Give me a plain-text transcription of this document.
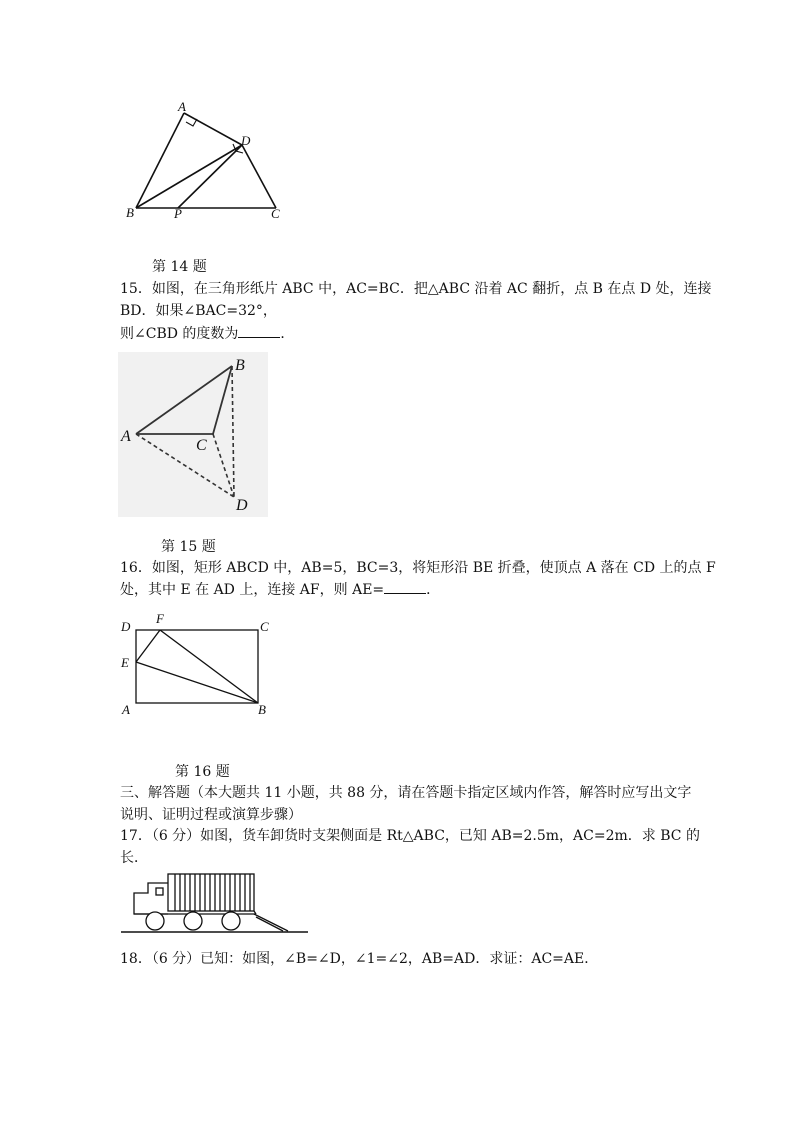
A
D
B	P	C
第 14 题
15．如图，在三角形纸片 ABC 中，AC=BC．把△ABC 沿着 AC 翻折，点 B 在点 D 处，连接
BD．如果∠BAC=32°，
则∠CBD 的度数为	．
B
A
C
D
第 15 题
16．如图，矩形 ABCD 中，AB=5，BC=3，将矩形沿 BE 折叠，使顶点 A 落在 CD 上的点 F
处，其中 E 在 AD 上，连接 AF，则 AE=	．
D
F
C
E
A	B
第 16 题
三、解答题（本大题共 11 小题，共 88 分，请在答题卡指定区域内作答，解答时应写出文字
说明、证明过程或演算步骤）
17．（6 分）如图，货车卸货时支架侧面是 Rt△ABC，已知 AB=2.5m，AC=2m．求 BC 的
长．
18．（6 分）已知：如图，∠B=∠D，∠1=∠2，AB=AD．求证：AC=AE．
